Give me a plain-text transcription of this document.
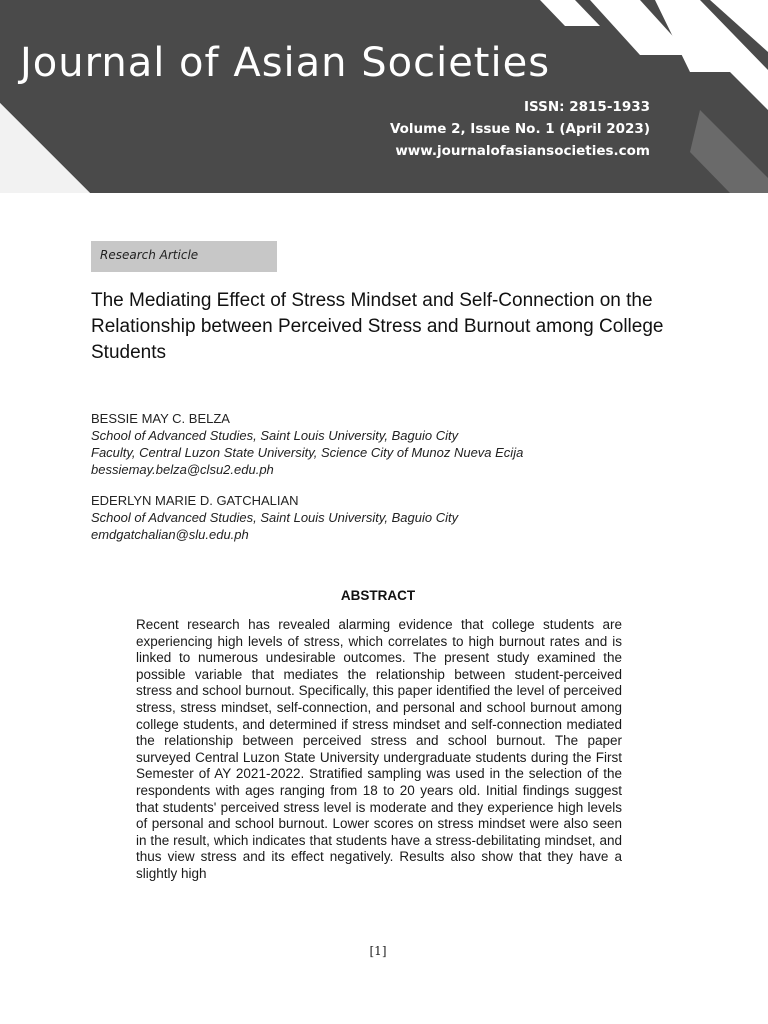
Journal of Asian Societies
ISSN: 2815-1933
Volume 2, Issue No. 1 (April 2023)
www.journalofasiansocieties.com
Research Article
The Mediating Effect of Stress Mindset and Self-Connection on the Relationship between Perceived Stress and Burnout among College Students
BESSIE MAY C. BELZA
School of Advanced Studies, Saint Louis University, Baguio City
Faculty, Central Luzon State University, Science City of Munoz Nueva Ecija
bessiemay.belza@clsu2.edu.ph
EDERLYN MARIE D. GATCHALIAN
School of Advanced Studies, Saint Louis University, Baguio City
emdgatchalian@slu.edu.ph
ABSTRACT

Recent research has revealed alarming evidence that college students are experiencing high levels of stress, which correlates to high burnout rates and is linked to numerous undesirable outcomes. The present study examined the possible variable that mediates the relationship between student-perceived stress and school burnout. Specifically, this paper identified the level of perceived stress, stress mindset, self-connection, and personal and school burnout among college students, and determined if stress mindset and self-connection mediated the relationship between perceived stress and school burnout. The paper surveyed Central Luzon State University undergraduate students during the First Semester of AY 2021-2022. Stratified sampling was used in the selection of the respondents with ages ranging from 18 to 20 years old. Initial findings suggest that students' perceived stress level is moderate and they experience high levels of personal and school burnout. Lower scores on stress mindset were also seen in the result, which indicates that students have a stress-debilitating mindset, and thus view stress and its effect negatively. Results also show that they have a slightly high

[1]
